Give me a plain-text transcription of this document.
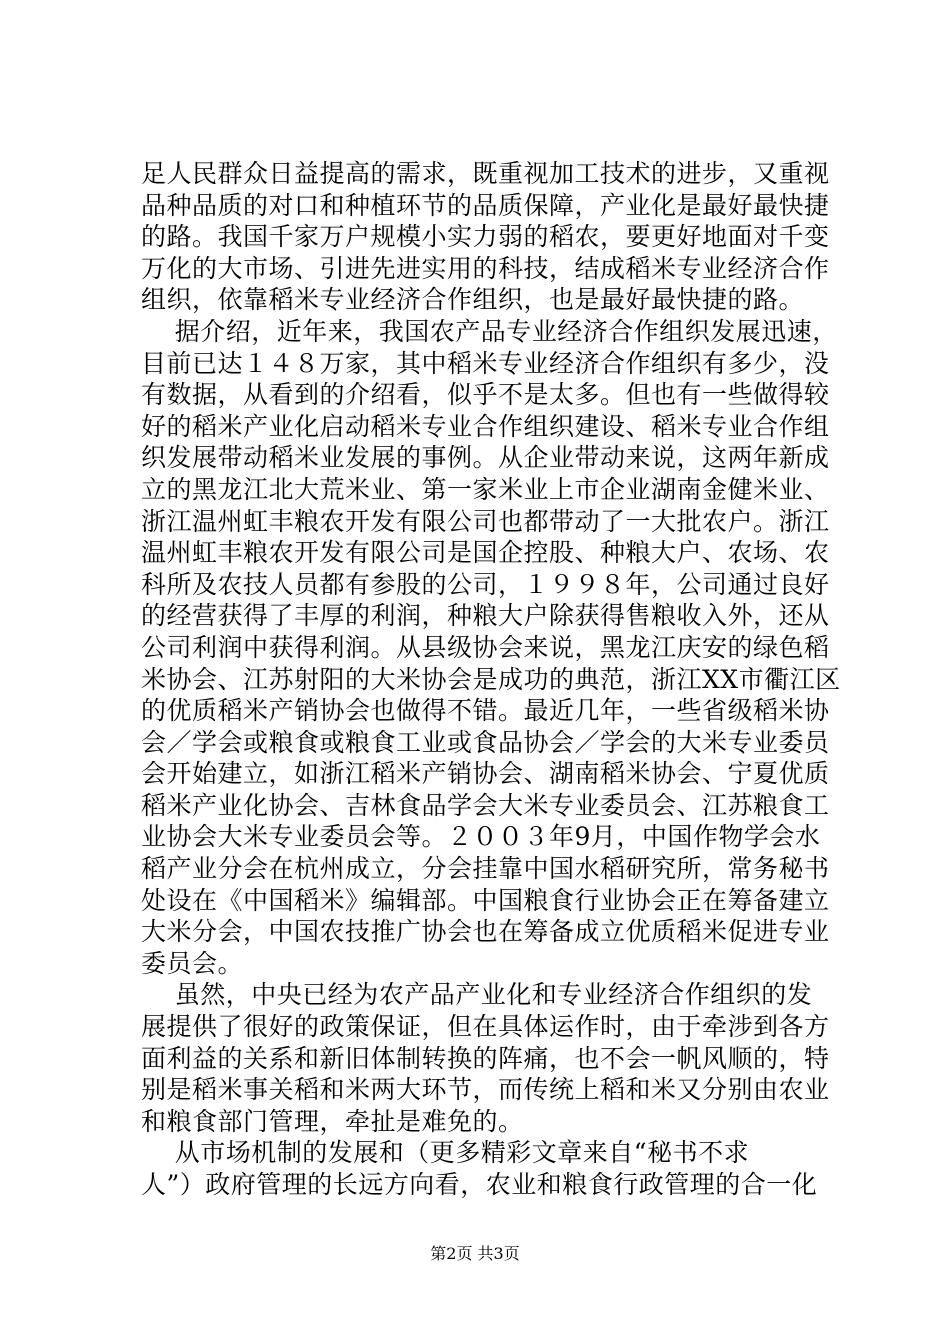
足人民群众日益提高的需求，既重视加工技术的进步，又重视
品种品质的对口和种植环节的品质保障，产业化是最好最快捷
的路。我国千家万户规模小实力弱的稻农，要更好地面对千变
万化的大市场、引进先进实用的科技，结成稻米专业经济合作
组织，依靠稻米专业经济合作组织，也是最好最快捷的路。
据介绍，近年来，我国农产品专业经济合作组织发展迅速，
目前已达１４８万家，其中稻米专业经济合作组织有多少，没
有数据，从看到的介绍看，似乎不是太多。但也有一些做得较
好的稻米产业化启动稻米专业合作组织建设、稻米专业合作组
织发展带动稻米业发展的事例。从企业带动来说，这两年新成
立的黑龙江北大荒米业、第一家米业上市企业湖南金健米业、
浙江温州虹丰粮农开发有限公司也都带动了一大批农户。浙江
温州虹丰粮农开发有限公司是国企控股、种粮大户、农场、农
科所及农技人员都有参股的公司，１９９８年，公司通过良好
的经营获得了丰厚的利润，种粮大户除获得售粮收入外，还从
公司利润中获得利润。从县级协会来说，黑龙江庆安的绿色稻
米协会、江苏射阳的大米协会是成功的典范，浙江XX市衢江区
的优质稻米产销协会也做得不错。最近几年，一些省级稻米协
会／学会或粮食或粮食工业或食品协会／学会的大米专业委员
会开始建立，如浙江稻米产销协会、湖南稻米协会、宁夏优质
稻米产业化协会、吉林食品学会大米专业委员会、江苏粮食工
业协会大米专业委员会等。２００３年9月，中国作物学会水
稻产业分会在杭州成立，分会挂靠中国水稻研究所，常务秘书
处设在《中国稻米》编辑部。中国粮食行业协会正在筹备建立
大米分会，中国农技推广协会也在筹备成立优质稻米促进专业
委员会。
虽然，中央已经为农产品产业化和专业经济合作组织的发
展提供了很好的政策保证，但在具体运作时，由于牵涉到各方
面利益的关系和新旧体制转换的阵痛，也不会一帆风顺的，特
别是稻米事关稻和米两大环节，而传统上稻和米又分别由农业
和粮食部门管理，牵扯是难免的。
从市场机制的发展和（更多精彩文章来自“秘书不求
人”）政府管理的长远方向看，农业和粮食行政管理的合一化
第2页 共3页
